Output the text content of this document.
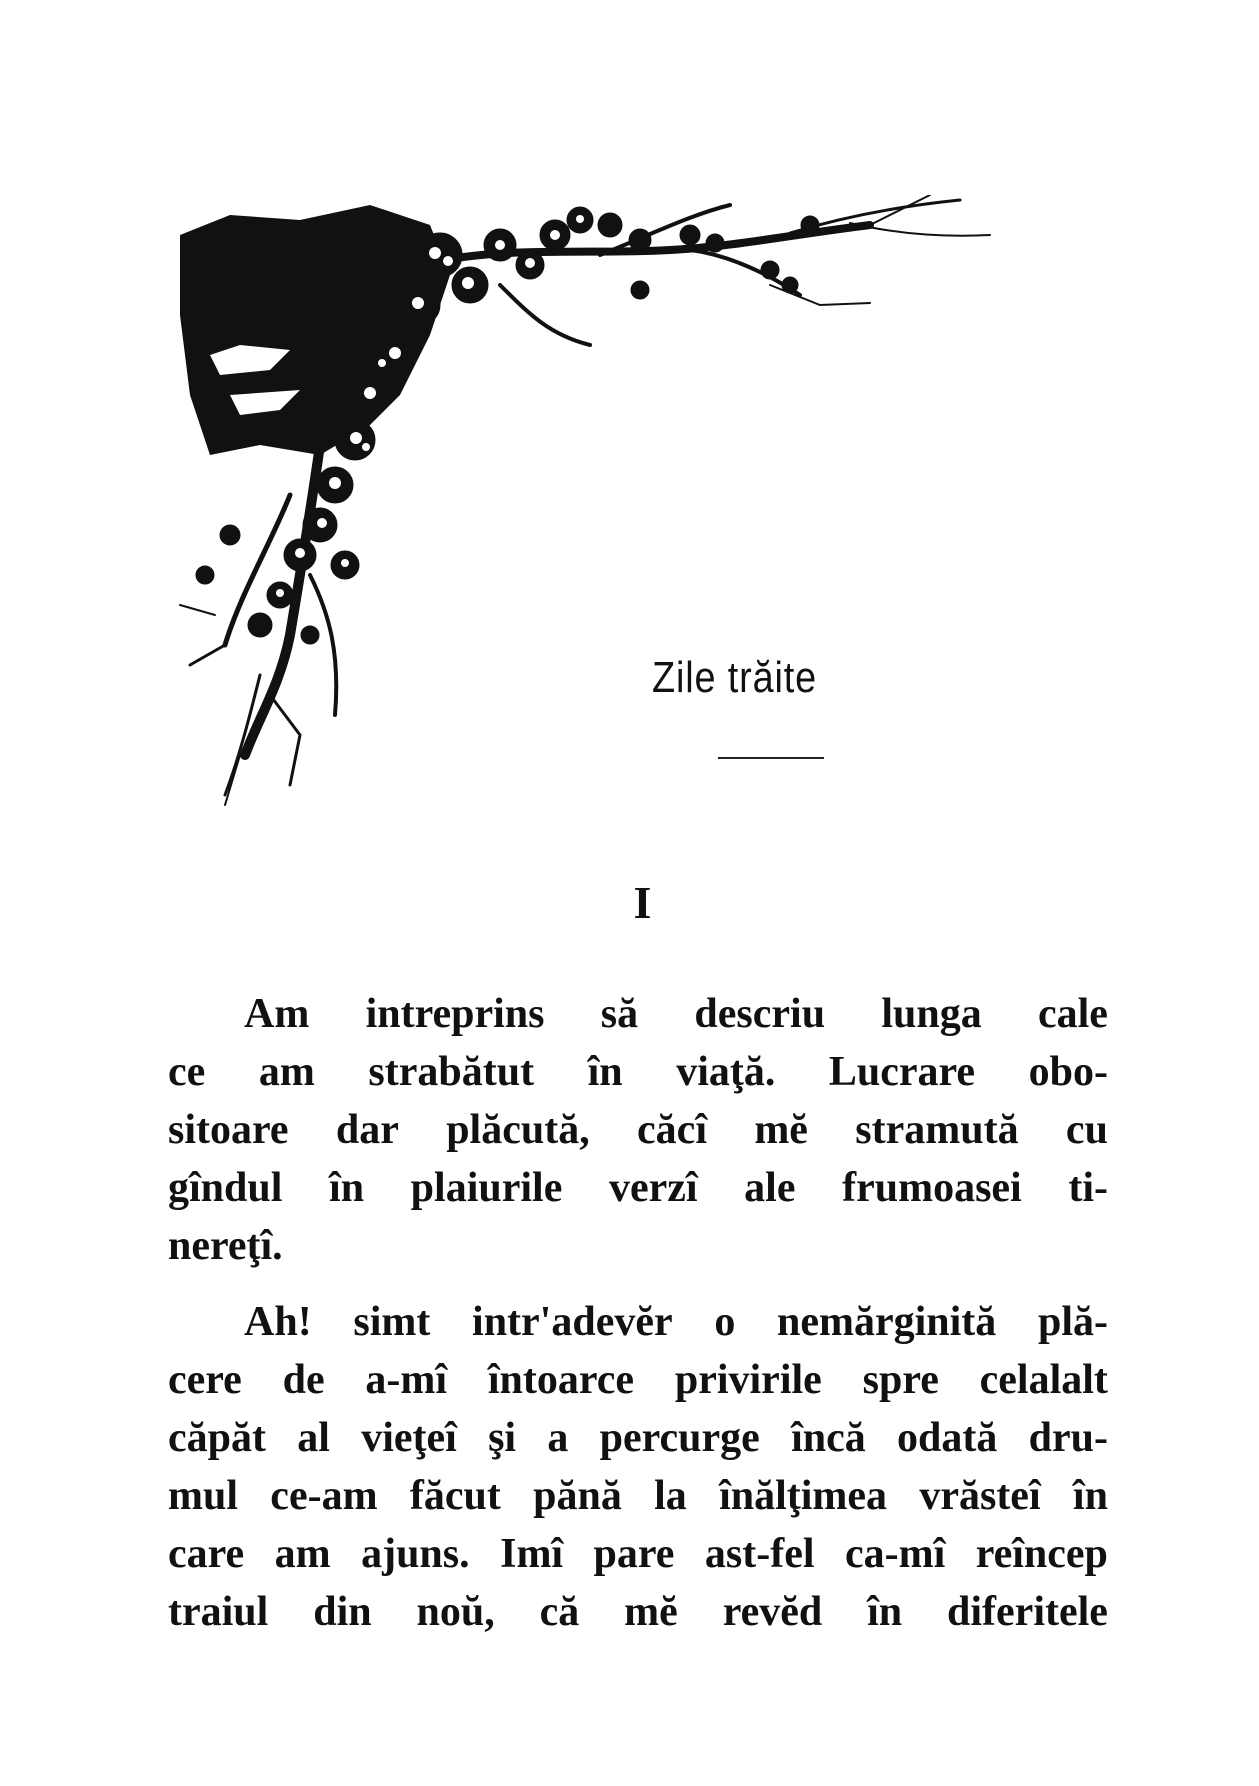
Zile trăite
I
Am intreprins să descriu lunga cale
ce am strabătut în viaţă. Lucrare obo-
sitoare dar plăcută, căcî mĕ stramută cu
gîndul în plaiurile verzî ale frumoasei ti-
nereţî.
Ah! simt intr'adevĕr o nemărginită plă-
cere de a-mî întoarce privirile spre celalalt
căpăt al vieţeî şi a percurge încă odată dru-
mul ce-am făcut pănă la înălţimea vrăsteî în
care am ajuns. Imî pare ast-fel ca-mî reîncep
traiul din noŭ, că mĕ revĕd în diferitele
